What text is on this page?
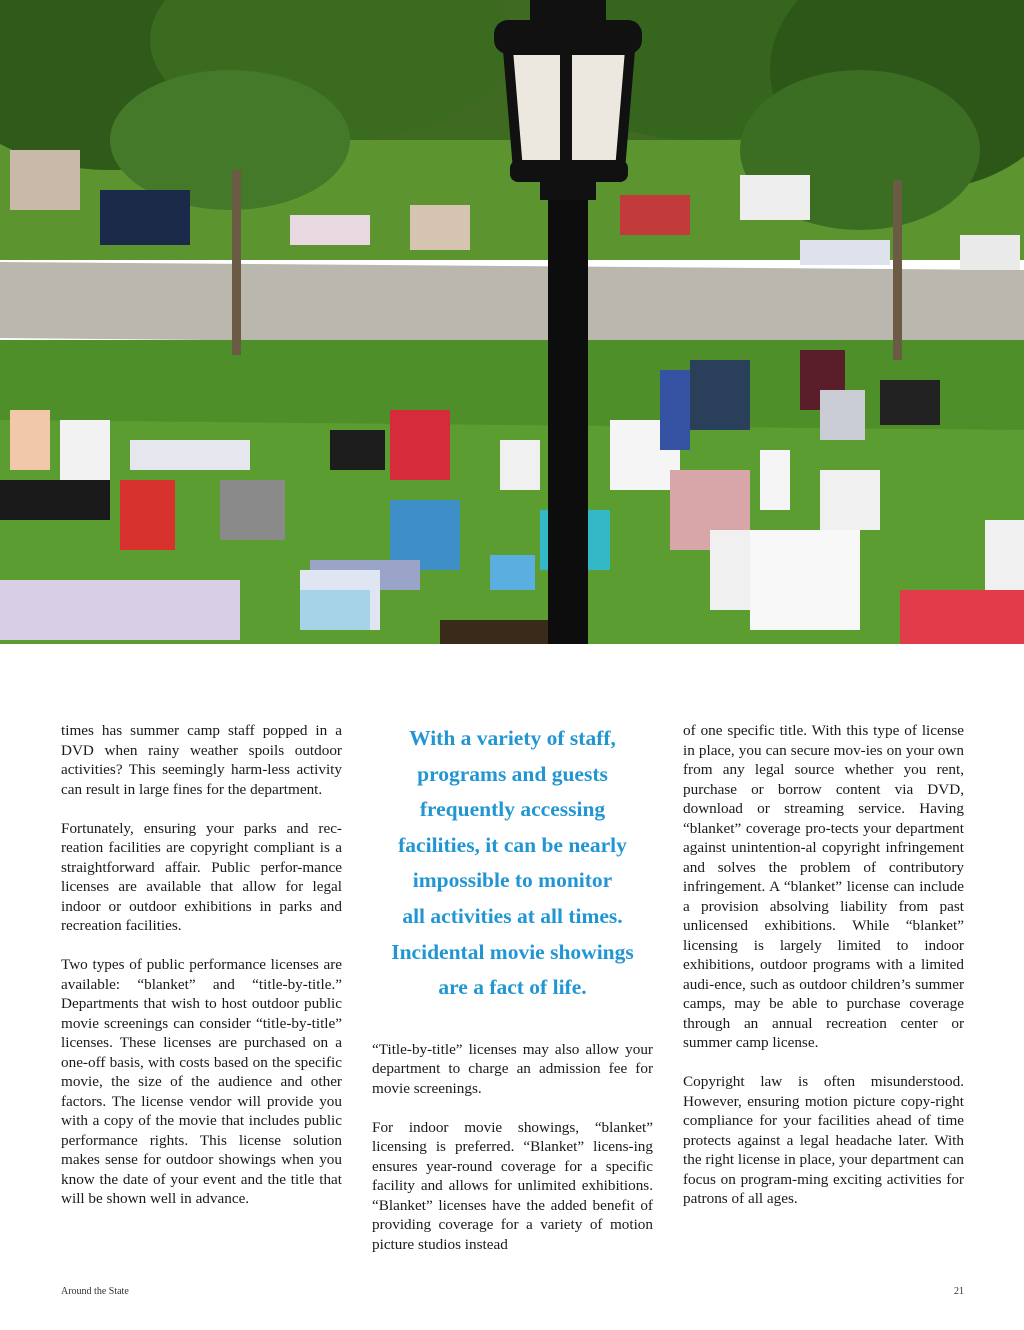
times has summer camp staff popped in a DVD when rainy weather spoils outdoor activities? This seemingly harm-less activity can result in large fines for the department.

Fortunately, ensuring your parks and rec-reation facilities are copyright compliant is a straightforward affair. Public perfor-mance licenses are available that allow for legal indoor or outdoor exhibitions in parks and recreation facilities.

Two types of public performance licenses are available: “blanket” and “title-by-title.” Departments that wish to host outdoor public movie screenings can consider “title-by-title” licenses. These licenses are purchased on a one-off basis, with costs based on the specific movie, the size of the audience and other factors. The license vendor will provide you with a copy of the movie that includes public performance rights. This license solution makes sense for outdoor showings when you know the date of your event and the title that will be shown well in advance.

With a variety of staff,
programs and guests
frequently accessing
facilities, it can be nearly
impossible to monitor
all activities at all times.
Incidental movie showings
are a fact of life.

“Title-by-title” licenses may also allow your department to charge an admission fee for movie screenings.

For indoor movie showings, “blanket” licensing is preferred. “Blanket” licens-ing ensures year-round coverage for a specific facility and allows for unlimited exhibitions. “Blanket” licenses have the added benefit of providing coverage for a variety of motion picture studios instead

of one specific title. With this type of license in place, you can secure mov-ies on your own from any legal source whether you rent, purchase or borrow content via DVD, download or streaming service. Having “blanket” coverage pro-tects your department against unintention-al copyright infringement and solves the problem of contributory infringement. A “blanket” license can include a provision absolving liability from past unlicensed exhibitions. While “blanket” licensing is largely limited to indoor exhibitions, outdoor programs with a limited audi-ence, such as outdoor children’s summer camps, may be able to purchase coverage through an annual recreation center or summer camp license.

Copyright law is often misunderstood. However, ensuring motion picture copy-right compliance for your facilities ahead of time protects against a legal headache later. With the right license in place, your department can focus on program-ming exciting activities for patrons of all ages.

Around the State	21
